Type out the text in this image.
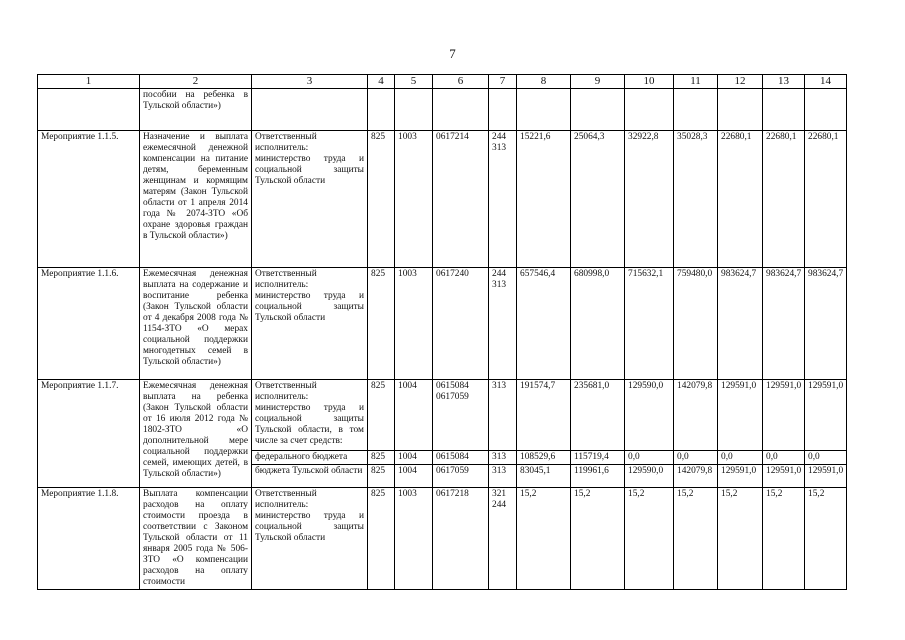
7
1	2	3	4	5	6	7	8	9	10	11	12	13	14
	пособии на ребенка в Тульской области»)												
Мероприятие 1.1.5.	Назначение и выплата ежемесячной денежной компенсации на питание детям, беременным женщинам и кормящим матерям (Закон Тульской области от 1 апреля 2014 года № 2074-ЗТО «Об охране здоровья граждан в Тульской области»)	Ответственный исполнитель: министерство труда и социальной защиты Тульской области	825	1003	0617214	244 313	15221,6	25064,3	32922,8	35028,3	22680,1	22680,1	22680,1
Мероприятие 1.1.6.	Ежемесячная денежная выплата на содержание и воспитание ребенка (Закон Тульской области от 4 декабря 2008 года № 1154-ЗТО «О мерах социальной поддержки многодетных семей в Тульской области»)	Ответственный исполнитель: министерство труда и социальной защиты Тульской области	825	1003	0617240	244 313	657546,4	680998,0	715632,1	759480,0	983624,7	983624,7	983624,7
Мероприятие 1.1.7.	Ежемесячная денежная выплата на ребенка (Закон Тульской области от 16 июля 2012 года № 1802-ЗТО «О дополнительной мере социальной поддержки семей, имеющих детей, в Тульской области»)	Ответственный исполнитель: министерство труда и социальной защиты Тульской области, в том числе за счет средств:	825	1004	0615084 0617059	313	191574,7	235681,0	129590,0	142079,8	129591,0	129591,0	129591,0
		федерального бюджета	825	1004	0615084	313	108529,6	115719,4	0,0	0,0	0,0	0,0	0,0
		бюджета Тульской области	825	1004	0617059	313	83045,1	119961,6	129590,0	142079,8	129591,0	129591,0	129591,0
Мероприятие 1.1.8.	Выплата компенсации расходов на оплату стоимости проезда в соответствии с Законом Тульской области от 11 января 2005 года № 506-ЗТО «О компенсации расходов на оплату стоимости	Ответственный исполнитель: министерство труда и социальной защиты Тульской области	825	1003	0617218	321 244	15,2	15,2	15,2	15,2	15,2	15,2	15,2
